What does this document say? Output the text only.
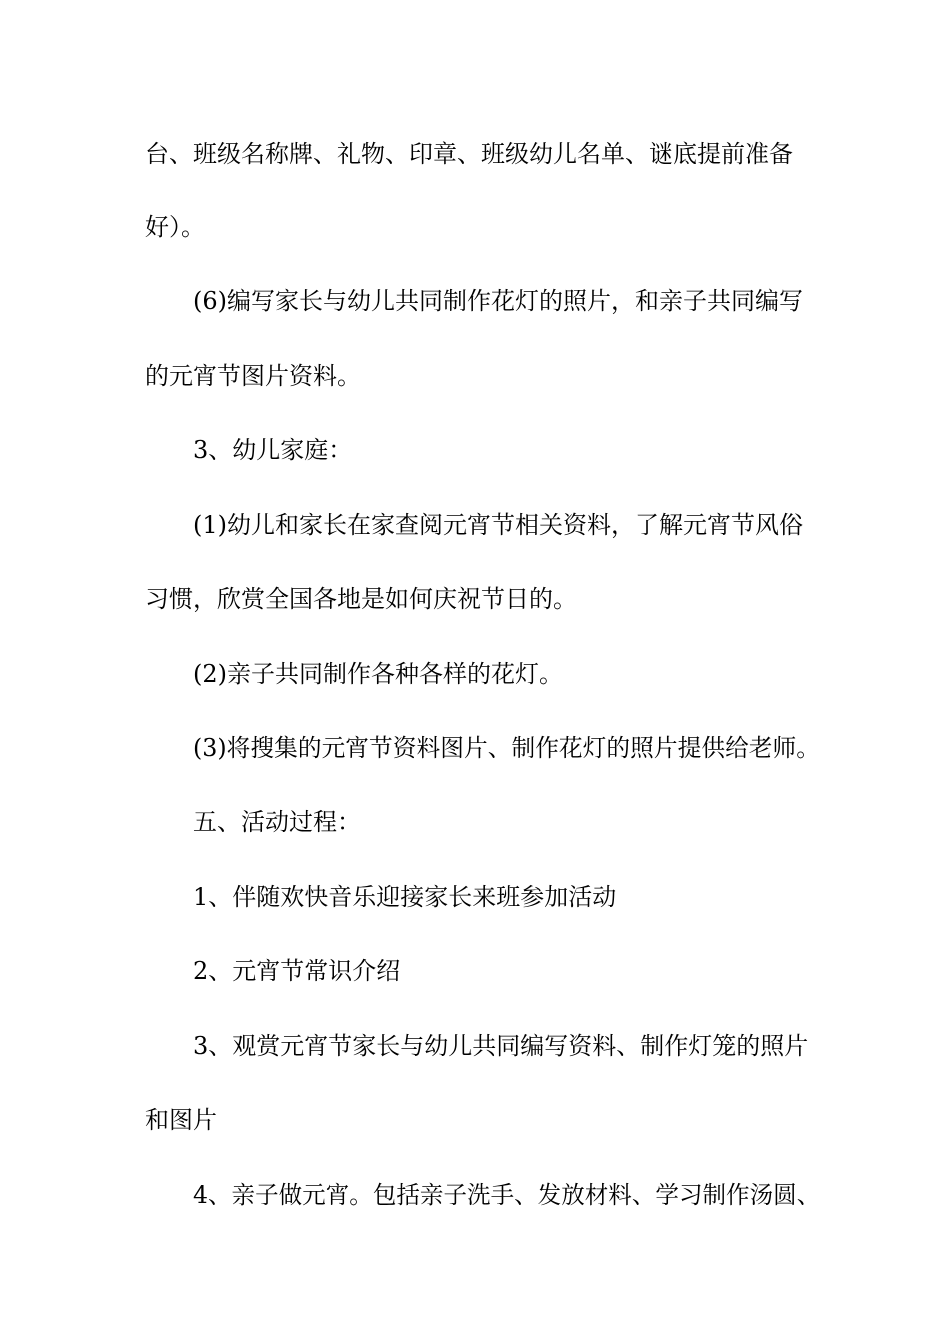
台、班级名称牌、礼物、印章、班级幼儿名单、谜底提前准备
好）。
(6)编写家长与幼儿共同制作花灯的照片，和亲子共同编写
的元宵节图片资料。
3、幼儿家庭：
(1)幼儿和家长在家查阅元宵节相关资料，了解元宵节风俗
习惯，欣赏全国各地是如何庆祝节日的。
(2)亲子共同制作各种各样的花灯。
(3)将搜集的元宵节资料图片、制作花灯的照片提供给老师。
五、活动过程：
1、伴随欢快音乐迎接家长来班参加活动
2、元宵节常识介绍
3、观赏元宵节家长与幼儿共同编写资料、制作灯笼的照片
和图片
4、亲子做元宵。包括亲子洗手、发放材料、学习制作汤圆、
